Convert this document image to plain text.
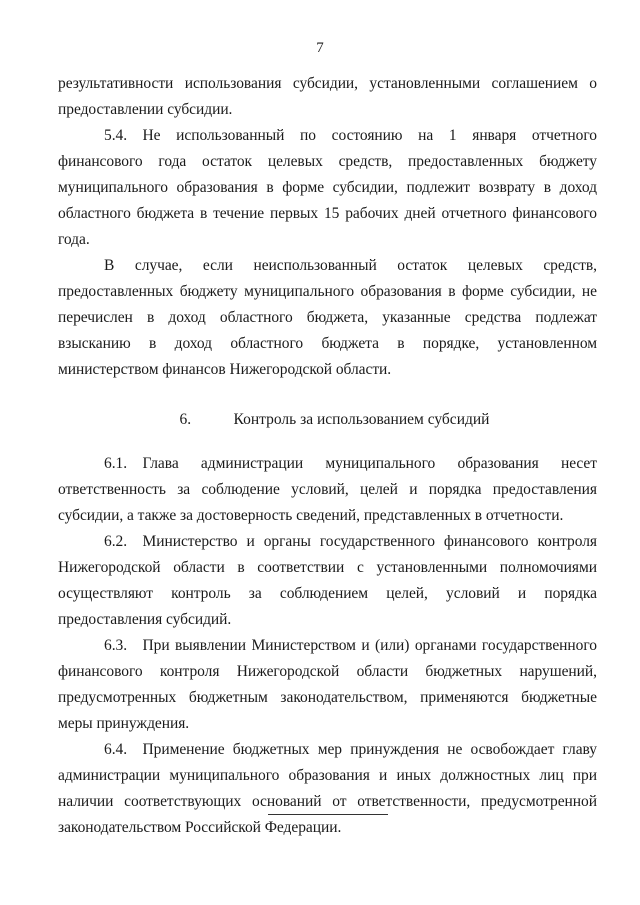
7

результативности использования субсидии, установленными соглашением о предоставлении субсидии.

5.4. Не использованный по состоянию на 1 января отчетного финансового года остаток целевых средств, предоставленных бюджету муниципального образования в форме субсидии, подлежит возврату в доход областного бюджета в течение первых 15 рабочих дней отчетного финансового года.

В случае, если неиспользованный остаток целевых средств, предоставленных бюджету муниципального образования в форме субсидии, не перечислен в доход областного бюджета, указанные средства подлежат взысканию в доход областного бюджета в порядке, установленном министерством финансов Нижегородской области.

6.	Контроль за использованием субсидий

6.1. Глава администрации муниципального образования несет ответственность за соблюдение условий, целей и порядка предоставления субсидии, а также за достоверность сведений, представленных в отчетности.

6.2. Министерство и органы государственного финансового контроля Нижегородской области в соответствии с установленными полномочиями осуществляют контроль за соблюдением целей, условий и порядка предоставления субсидий.

6.3. При выявлении Министерством и (или) органами государственного финансового контроля Нижегородской области бюджетных нарушений, предусмотренных бюджетным законодательством, применяются бюджетные меры принуждения.

6.4. Применение бюджетных мер принуждения не освобождает главу администрации муниципального образования и иных должностных лиц при наличии соответствующих оснований от ответственности, предусмотренной законодательством Российской Федерации.
